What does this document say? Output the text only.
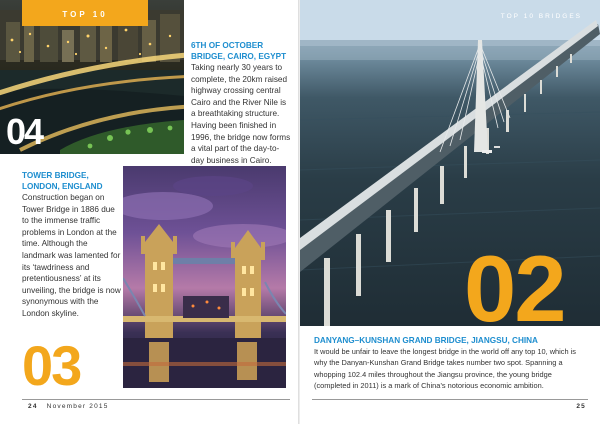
TOP 10
04
6TH OF OCTOBER BRIDGE, CAIRO, EGYPT
Taking nearly 30 years to complete, the 20km raised highway crossing central Cairo and the River Nile is a breathtaking structure. Having been finished in 1996, the bridge now forms a vital part of the day-to-day business in Cairo.
TOWER BRIDGE, LONDON, ENGLAND
Construction began on Tower Bridge in 1886 due to the immense traffic problems in London at the time. Although the landmark was lamented for its ‘tawdriness and pretentiousness’ at its unveiling, the bridge is now synonymous with the London skyline.
03
24 November 2015
TOP 10 BRIDGES
02
DANYANG–KUNSHAN GRAND BRIDGE, JIANGSU, CHINA
It would be unfair to leave the longest bridge in the world off any top 10, which is why the Danyan-Kunshan Grand Bridge takes number two spot. Spanning a whopping 102.4 miles throughout the Jiangsu province, the young bridge (completed in 2011) is a mark of China’s notorious economic ambition.
25
